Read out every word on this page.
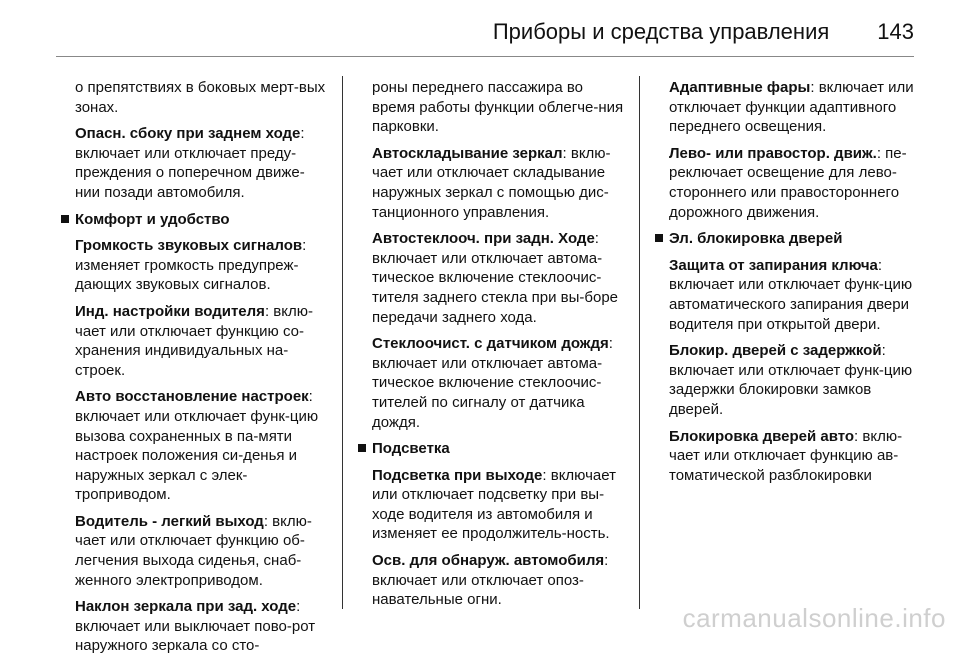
Приборы и средства управления 143

о препятствиях в боковых мерт-вых зонах.

Опасн. сбоку при заднем ходе: включает или отключает преду-преждения о поперечном движе-нии позади автомобиля.

Комфорт и удобство

Громкость звуковых сигналов: изменяет громкость предупреж-дающих звуковых сигналов.

Инд. настройки водителя: вклю-чает или отключает функцию со-хранения индивидуальных на-строек.

Авто восстановление настроек: включает или отключает функ-цию вызова сохраненных в па-мяти настроек положения си-денья и наружных зеркал с элек-троприводом.

Водитель - легкий выход: вклю-чает или отключает функцию об-легчения выхода сиденья, снаб-женного электроприводом.

Наклон зеркала при зад. ходе: включает или выключает пово-рот наружного зеркала со сто-

роны переднего пассажира во время работы функции облегче-ния парковки.

Автоскладывание зеркал: вклю-чает или отключает складывание наружных зеркал с помощью дис-танционного управления.

Автостеклооч. при задн. Ходе: включает или отключает автома-тическое включение стеклоочис-тителя заднего стекла при вы-боре передачи заднего хода.

Стеклоочист. с датчиком дождя: включает или отключает автома-тическое включение стеклоочис-тителей по сигналу от датчика дождя.

Подсветка

Подсветка при выходе: включает или отключает подсветку при вы-ходе водителя из автомобиля и изменяет ее продолжитель-ность.

Осв. для обнаруж. автомобиля: включает или отключает опоз-навательные огни.

Адаптивные фары: включает или отключает функции адаптивного переднего освещения.

Лево- или правостор. движ.: пе-реключает освещение для лево-стороннего или правостороннего дорожного движения.

Эл. блокировка дверей

Защита от запирания ключа: включает или отключает функ-цию автоматического запирания двери водителя при открытой двери.

Блокир. дверей с задержкой: включает или отключает функ-цию задержки блокировки замков дверей.

Блокировка дверей авто: вклю-чает или отключает функцию ав-томатической разблокировки

carmanualsonline.info
